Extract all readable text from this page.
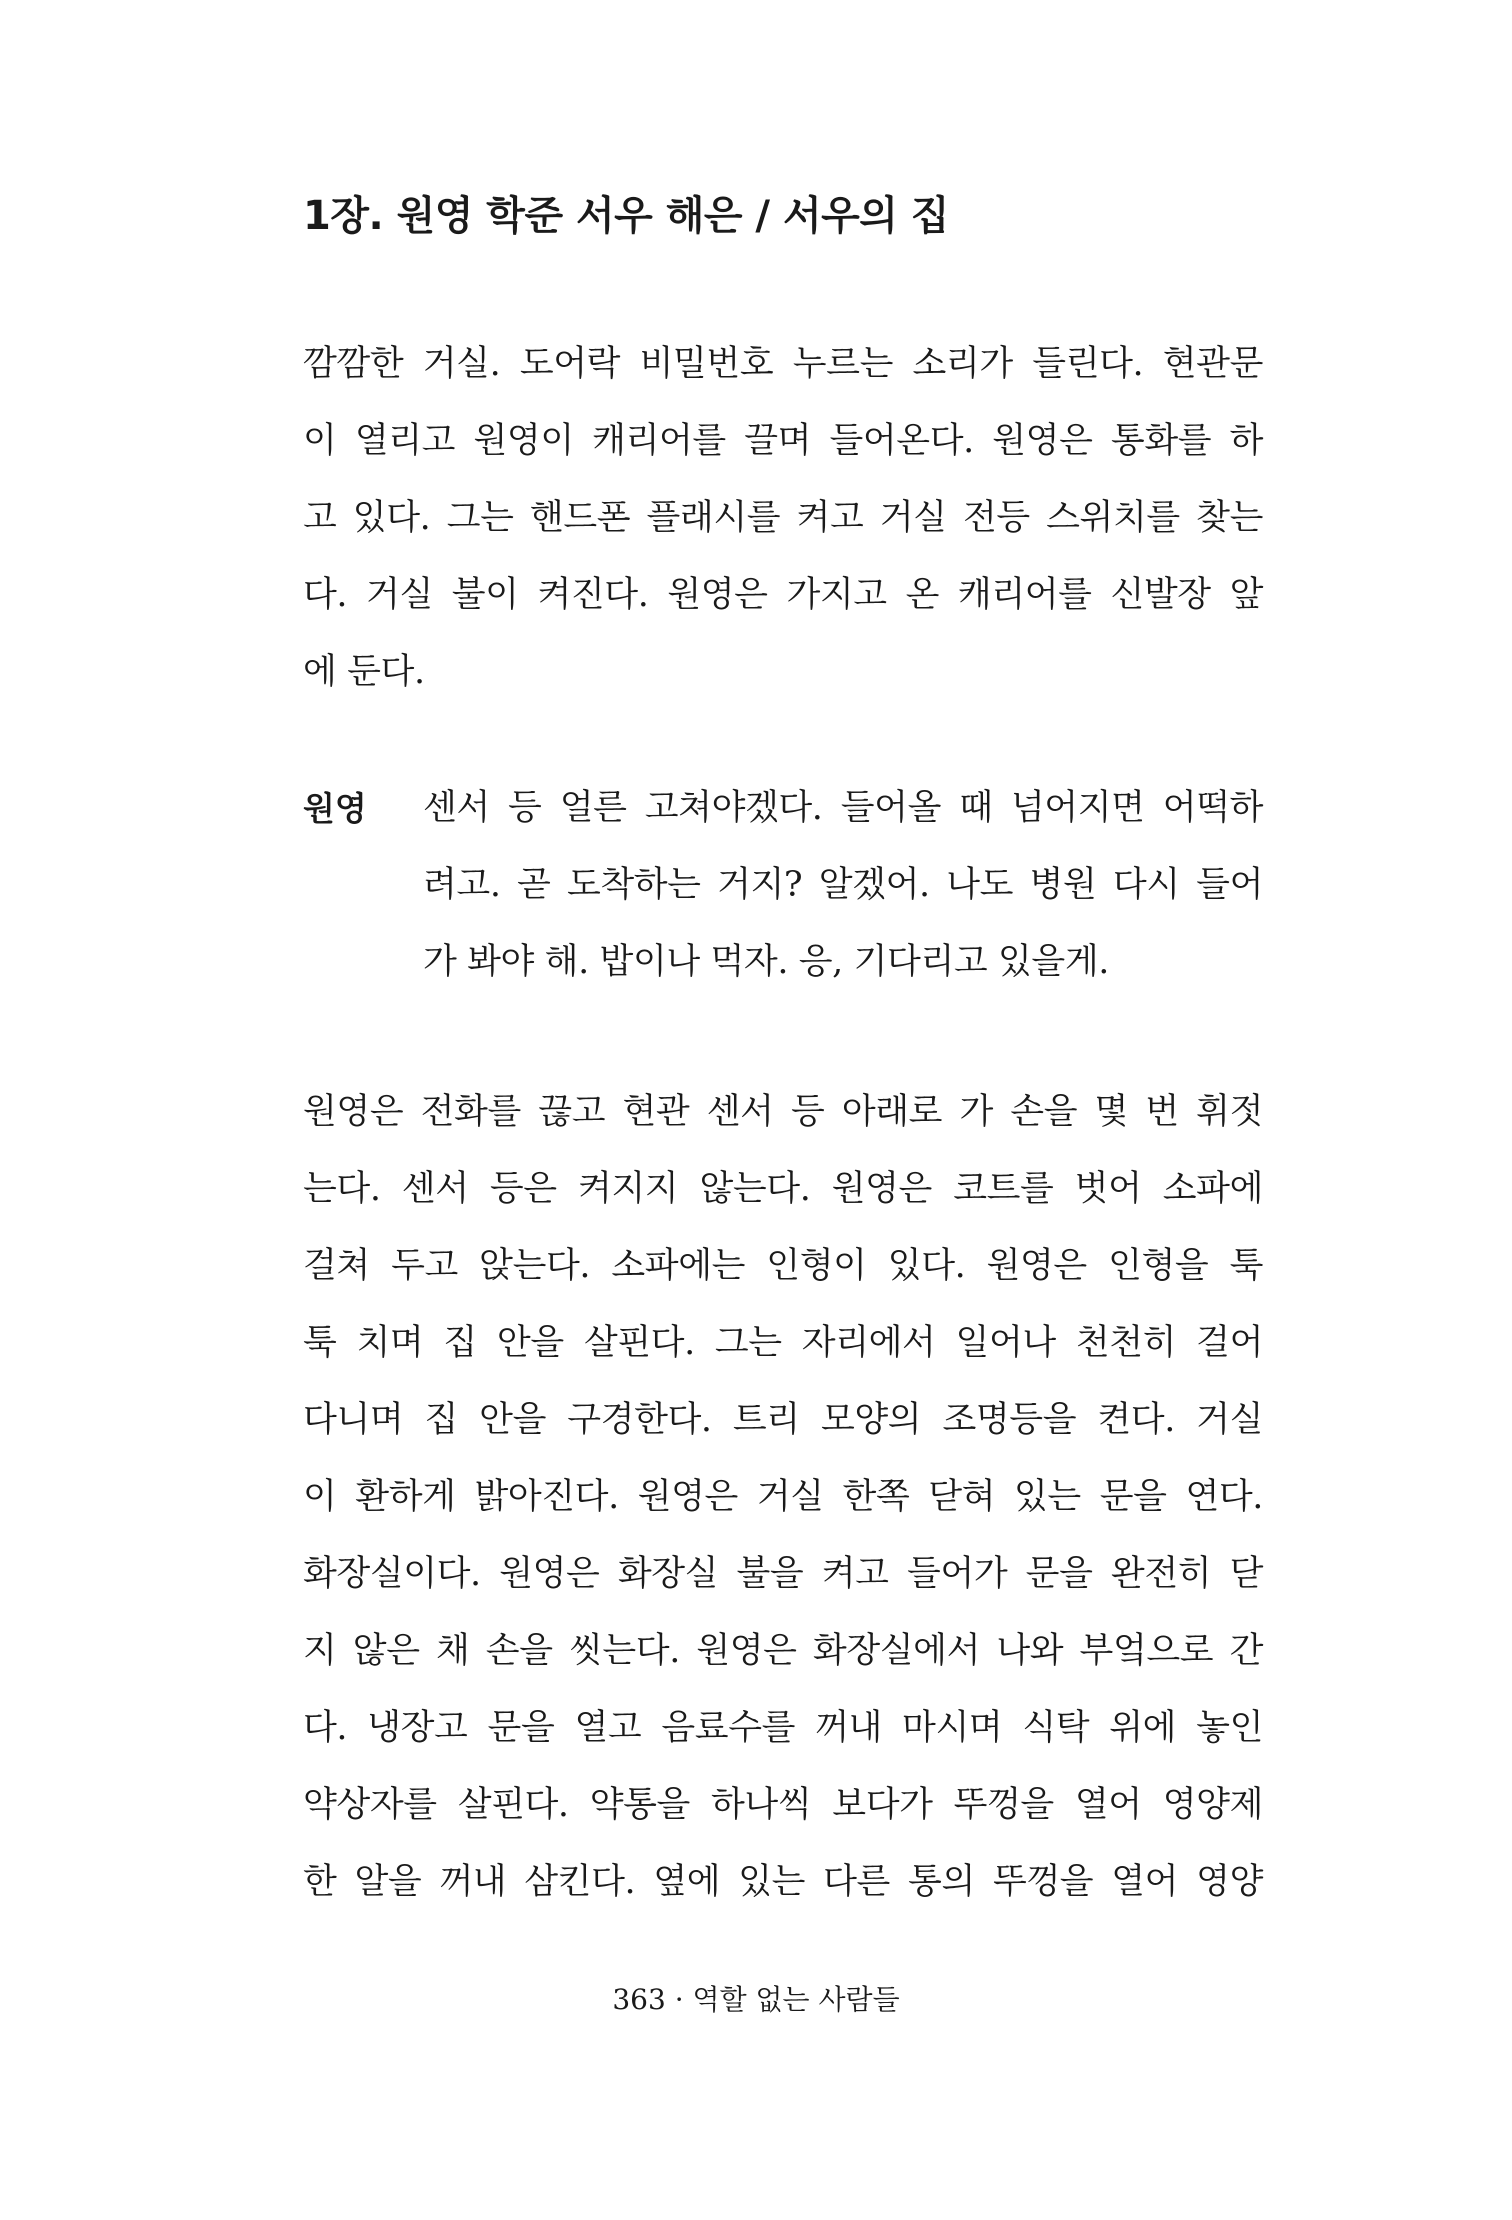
1장. 원영 학준 서우 해은 / 서우의 집
깜깜한 거실. 도어락 비밀번호 누르는 소리가 들린다. 현관문
이 열리고 원영이 캐리어를 끌며 들어온다. 원영은 통화를 하
고 있다. 그는 핸드폰 플래시를 켜고 거실 전등 스위치를 찾는
다. 거실 불이 켜진다. 원영은 가지고 온 캐리어를 신발장 앞
에 둔다.
원영 센서 등 얼른 고쳐야겠다. 들어올 때 넘어지면 어떡하
려고. 곧 도착하는 거지? 알겠어. 나도 병원 다시 들어
가 봐야 해. 밥이나 먹자. 응, 기다리고 있을게.
원영은 전화를 끊고 현관 센서 등 아래로 가 손을 몇 번 휘젓
는다. 센서 등은 켜지지 않는다. 원영은 코트를 벗어 소파에
걸쳐 두고 앉는다. 소파에는 인형이 있다. 원영은 인형을 툭
툭 치며 집 안을 살핀다. 그는 자리에서 일어나 천천히 걸어
다니며 집 안을 구경한다. 트리 모양의 조명등을 켠다. 거실
이 환하게 밝아진다. 원영은 거실 한쪽 닫혀 있는 문을 연다.
화장실이다. 원영은 화장실 불을 켜고 들어가 문을 완전히 닫
지 않은 채 손을 씻는다. 원영은 화장실에서 나와 부엌으로 간
다. 냉장고 문을 열고 음료수를 꺼내 마시며 식탁 위에 놓인
약상자를 살핀다. 약통을 하나씩 보다가 뚜껑을 열어 영양제
한 알을 꺼내 삼킨다. 옆에 있는 다른 통의 뚜껑을 열어 영양
363 · 역할 없는 사람들
